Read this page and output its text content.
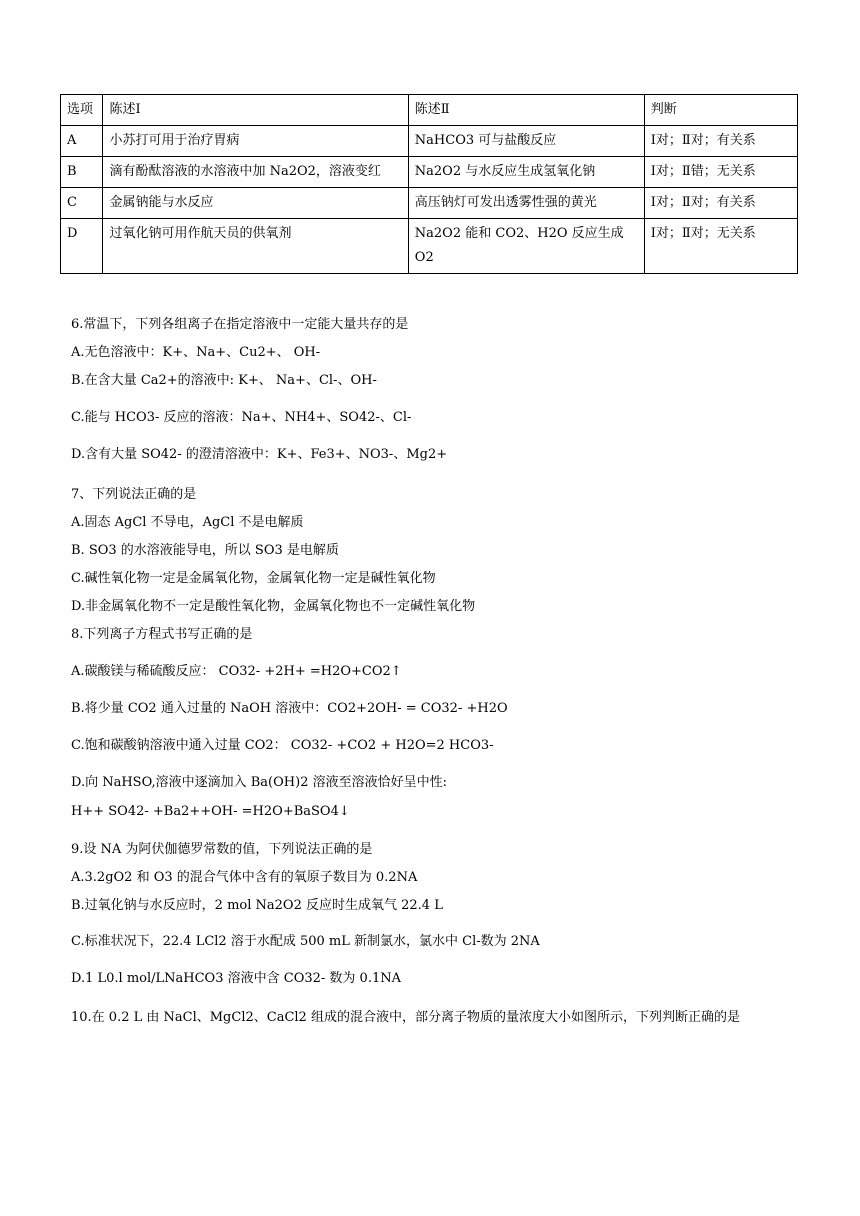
选项	陈述Ⅰ	陈述Ⅱ	判断
A	小苏打可用于治疗胃病	NaHCO3 可与盐酸反应	Ⅰ对；Ⅱ对；有关系
B	滴有酚酞溶液的水溶液中加 Na2O2，溶液变红	Na2O2 与水反应生成氢氧化钠	Ⅰ对；Ⅱ错；无关系
C	金属钠能与水反应	高压钠灯可发出透雾性强的黄光	Ⅰ对；Ⅱ对；有关系
D	过氧化钠可用作航天员的供氧剂	Na2O2 能和 CO2、H2O 反应生成 O2	Ⅰ对；Ⅱ对；无关系
6.常温下，下列各组离子在指定溶液中一定能大量共存的是
A.无色溶液中：K+、Na+、Cu2+、 OH-
B.在含大量 Ca2+的溶液中: K+、 Na+、Cl-、OH-
C.能与 HCO3- 反应的溶液：Na+、NH4+、SO42-、Cl-
D.含有大量 SO42- 的澄清溶液中：K+、Fe3+、NO3-、Mg2+
7、下列说法正确的是
A.固态 AgCl 不导电，AgCl 不是电解质
B. SO3 的水溶液能导电，所以 SO3 是电解质
C.碱性氧化物一定是金属氧化物，金属氧化物一定是碱性氧化物
D.非金属氧化物不一定是酸性氧化物，金属氧化物也不一定碱性氧化物
8.下列离子方程式书写正确的是
A.碳酸镁与稀硫酸反应： CO32- +2H+ =H2O+CO2↑
B.将少量 CO2 通入过量的 NaOH 溶液中：CO2+2OH- = CO32- +H2O
C.饱和碳酸钠溶液中通入过量 CO2： CO32- +CO2 + H2O=2 HCO3-
D.向 NaHSO,溶液中逐滴加入 Ba(OH)2 溶液至溶液恰好呈中性:
H++ SO42- +Ba2++OH- =H2O+BaSO4↓
9.设 NA 为阿伏伽德罗常数的值，下列说法正确的是
A.3.2gO2 和 O3 的混合气体中含有的氧原子数目为 0.2NA
B.过氧化钠与水反应时，2 mol Na2O2 反应时生成氧气 22.4 L
C.标准状况下，22.4 LCl2 溶于水配成 500 mL 新制氯水，氯水中 Cl-数为 2NA
D.1 L0.l mol/LNaHCO3 溶液中含 CO32- 数为 0.1NA
10.在 0.2 L 由 NaCl、MgCl2、CaCl2 组成的混合液中，部分离子物质的量浓度大小如图所示，下列判断正确的是
